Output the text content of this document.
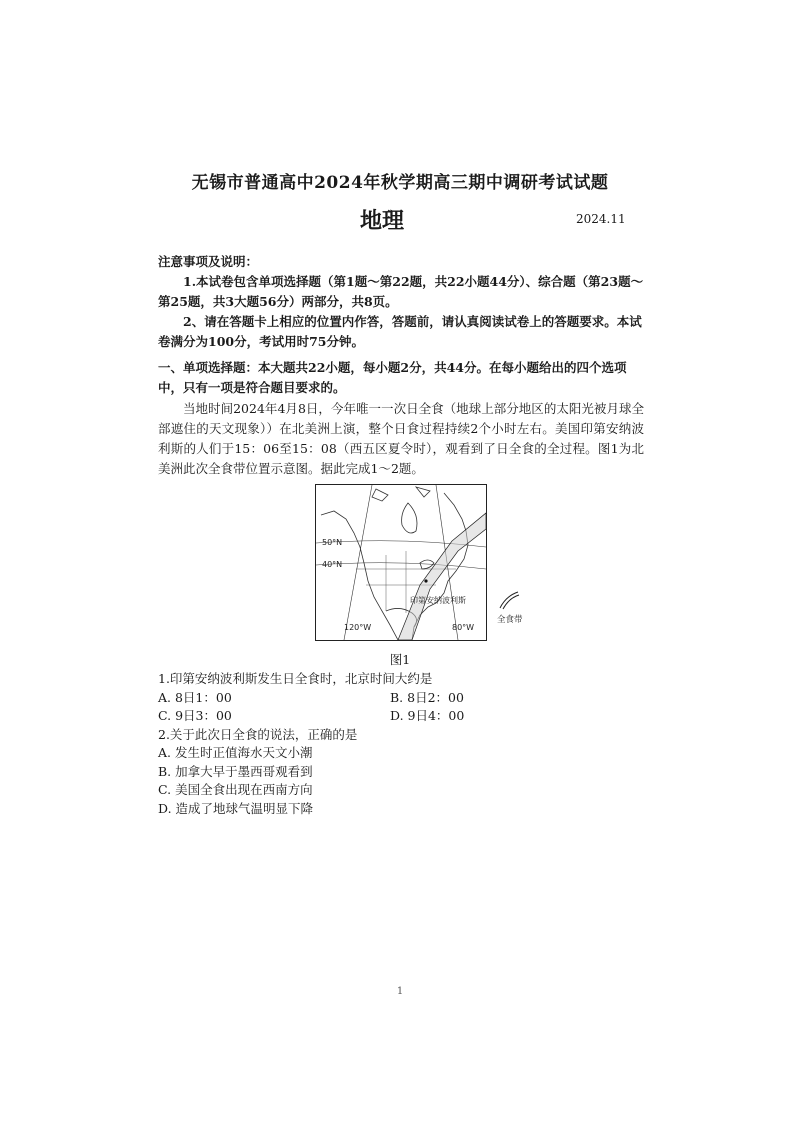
无锡市普通高中2024年秋学期高三期中调研考试试题
地理	2024.11

注意事项及说明：

1.本试卷包含单项选择题（第1题～第22题，共22小题44分）、综合题（第23题～第25题，共3大题56分）两部分，共8页。

2、请在答题卡上相应的位置内作答，答题前，请认真阅读试卷上的答题要求。本试卷满分为100分，考试用时75分钟。

一、单项选择题：本大题共22小题，每小题2分，共44分。在每小题给出的四个选项中，只有一项是符合题目要求的。
当地时间2024年4月8日，今年唯一一次日全食（地球上部分地区的太阳光被月球全部遮住的天文现象））在北美洲上演，整个日食过程持续2个小时左右。美国印第安纳波利斯的人们于15：06至15：08（西五区夏令时），观看到了日全食的全过程。图1为北美洲此次全食带位置示意图。据此完成1～2题。
50°N
40°N
120°W	80°W
印第安纳波利斯
全食带
图1

1.印第安纳波利斯发生日全食时，北京时间大约是

A. 8日1：00	B. 8日2：00
C. 9日3：00	D. 9日4：00

2.关于此次日全食的说法，正确的是

A. 发生时正值海水天文小潮
B. 加拿大早于墨西哥观看到
C. 美国全食出现在西南方向
D. 造成了地球气温明显下降
1
